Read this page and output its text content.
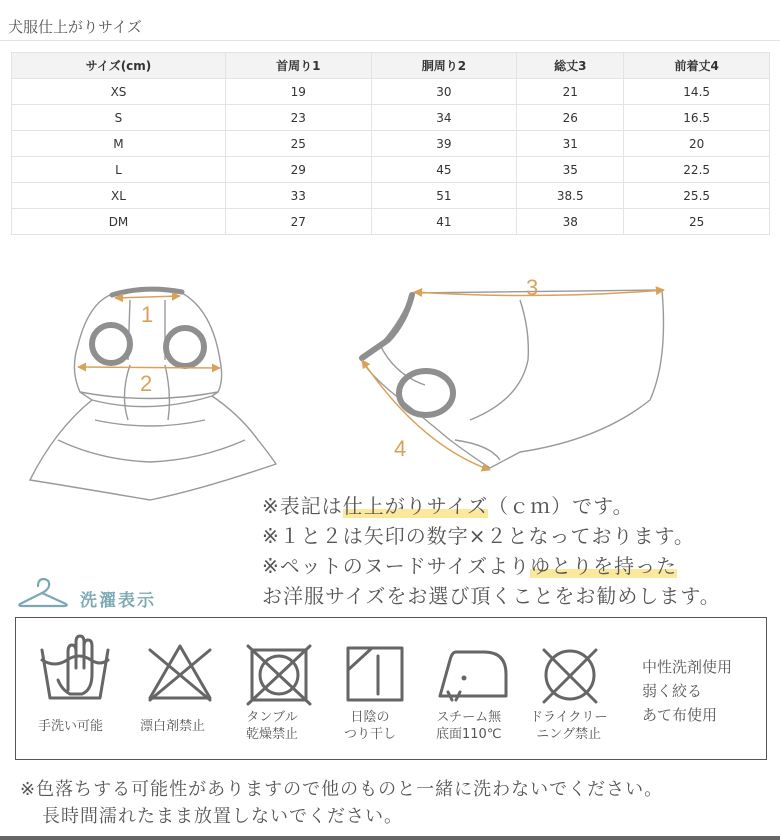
犬服仕上がりサイズ
サイズ(cm)	首周り1	胴周り2	総丈3	前着丈4
XS	19	30	21	14.5
S	23	34	26	16.5
M	25	39	31	20
L	29	45	35	22.5
XL	33	51	38.5	25.5
DM	27	41	38	25
1
2
3
4
※表記は仕上がりサイズ（ｃｍ）です。
※１と２は矢印の数字×２となっております。
※ペットのヌードサイズよりゆとりを持った
お洋服サイズをお選び頂くことをお勧めします。
洗濯表示
手洗い可能	漂白剤禁止
タンブル
乾燥禁止
日陰の
つり干し
スチーム無
底面110℃
ドライクリー
ニング禁止
中性洗剤使用
弱く絞る
あて布使用
※色落ちする可能性がありますので他のものと一緒に洗わないでください。
長時間濡れたまま放置しないでください。
